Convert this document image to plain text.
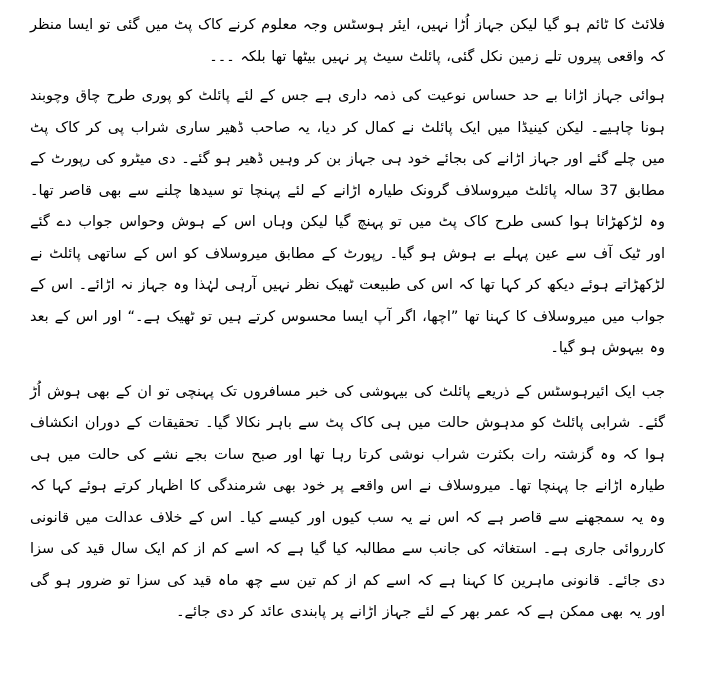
فلائٹ کا ٹائم ہو گیا لیکن جہاز اُڑا نہیں، ایئر ہوسٹس وجہ معلوم کرنے کاک پٹ میں گئی تو ایسا منظر کہ واقعی پیروں تلے زمین نکل گئی، پائلٹ سیٹ پر نہیں بیٹھا تھا بلکہ ۔۔۔

ہوائی جہاز اڑانا بے حد حساس نوعیت کی ذمہ داری ہے جس کے لئے پائلٹ کو پوری طرح چاق وچوبند ہونا چاہیے۔ لیکن کینیڈا میں ایک پائلٹ نے کمال کر دیا، یہ صاحب ڈھیر ساری شراب پی کر کاک پٹ میں چلے گئے اور جہاز اڑانے کی بجائے خود ہی جہاز بن کر وہیں ڈھیر ہو گئے۔ دی میٹرو کی رپورٹ کے مطابق 37 سالہ پائلٹ میروسلاف گرونک طیارہ اڑانے کے لئے پہنچا تو سیدھا چلنے سے بھی قاصر تھا۔ وہ لڑکھڑاتا ہوا کسی طرح کاک پٹ میں تو پہنچ گیا لیکن وہاں اس کے ہوش وحواس جواب دے گئے اور ٹیک آف سے عین پہلے بے ہوش ہو گیا۔ رپورٹ کے مطابق میروسلاف کو اس کے ساتھی پائلٹ نے لڑکھڑاتے ہوئے دیکھ کر کہا تھا کہ اس کی طبیعت ٹھیک نظر نہیں آرہی لہٰذا وہ جہاز نہ اڑائے۔ اس کے جواب میں میروسلاف کا کہنا تھا ”اچھا، اگر آپ ایسا محسوس کرتے ہیں تو ٹھیک ہے۔“ اور اس کے بعد وہ بیہوش ہو گیا۔

جب ایک ائیرہوسٹس کے ذریعے پائلٹ کی بیہوشی کی خبر مسافروں تک پہنچی تو ان کے بھی ہوش اُڑ گئے۔ شرابی پائلٹ کو مدہوش حالت میں ہی کاک پٹ سے باہر نکالا گیا۔ تحقیقات کے دوران انکشاف ہوا کہ وہ گزشتہ رات بکثرت شراب نوشی کرتا رہا تھا اور صبح سات بجے نشے کی حالت میں ہی طیارہ اڑانے جا پہنچا تھا۔ میروسلاف نے اس واقعے پر خود بھی شرمندگی کا اظہار کرتے ہوئے کہا کہ وہ یہ سمجھنے سے قاصر ہے کہ اس نے یہ سب کیوں اور کیسے کیا۔ اس کے خلاف عدالت میں قانونی کارروائی جاری ہے۔ استغاثہ کی جانب سے مطالبہ کیا گیا ہے کہ اسے کم از کم ایک سال قید کی سزا دی جائے۔ قانونی ماہرین کا کہنا ہے کہ اسے کم از کم تین سے چھ ماہ قید کی سزا تو ضرور ہو گی اور یہ بھی ممکن ہے کہ عمر بھر کے لئے جہاز اڑانے پر پابندی عائد کر دی جائے۔
